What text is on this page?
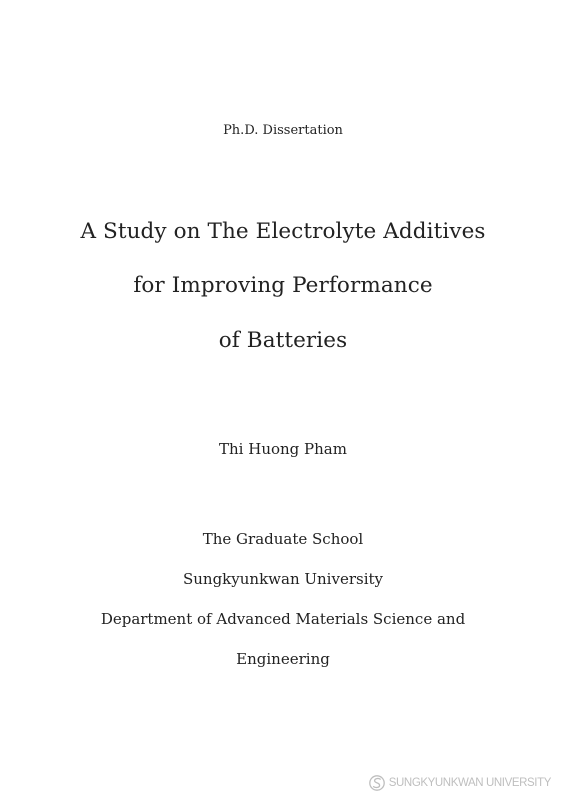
Ph.D. Dissertation

A Study on The Electrolyte Additives

for Improving Performance

of Batteries

Thi Huong Pham

The Graduate School

Sungkyunkwan University

Department of Advanced Materials Science and

Engineering

SUNGKYUNKWAN UNIVERSITY
